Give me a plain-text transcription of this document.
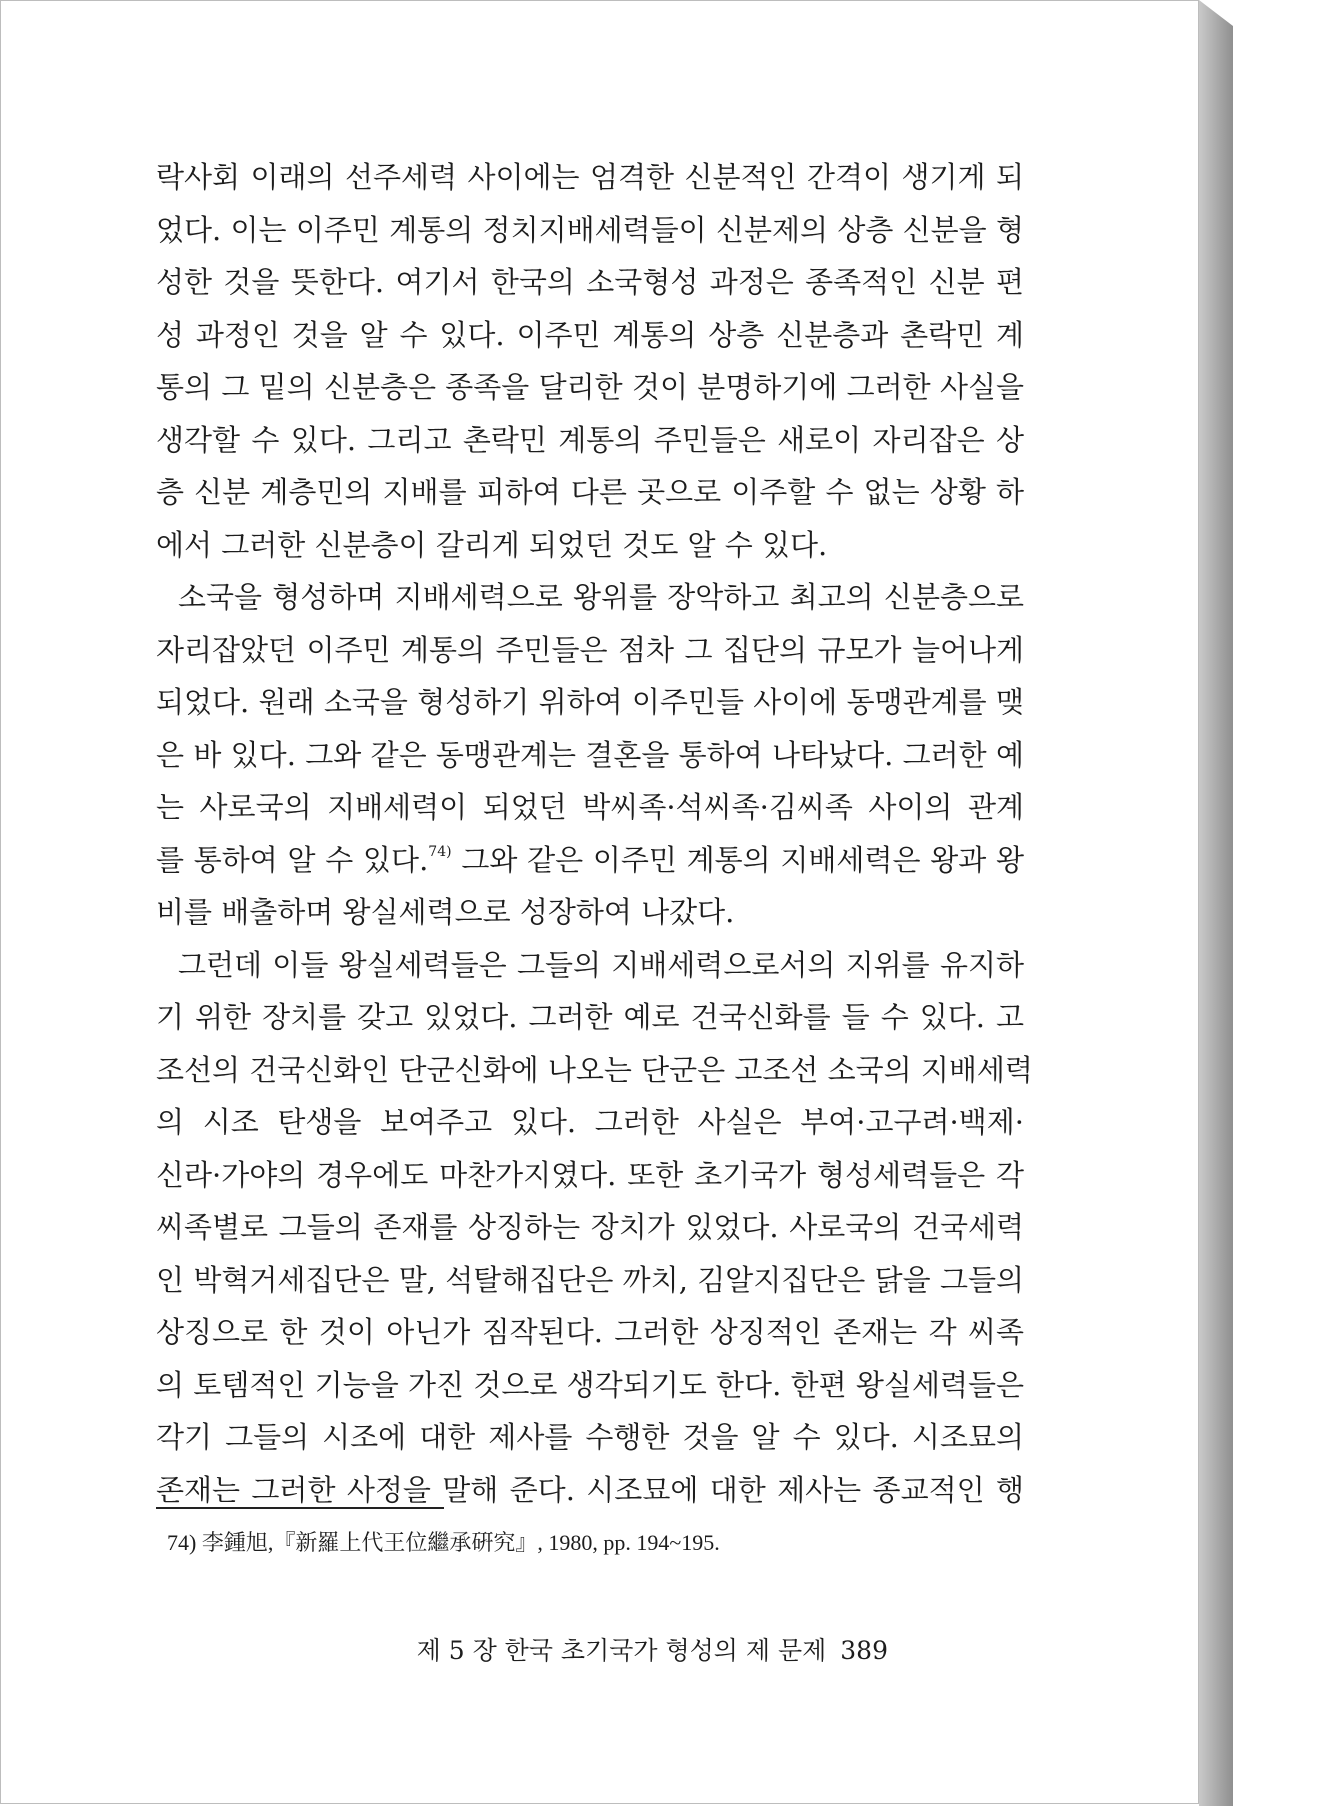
락사회 이래의 선주세력 사이에는 엄격한 신분적인 간격이 생기게 되
었다. 이는 이주민 계통의 정치지배세력들이 신분제의 상층 신분을 형
성한 것을 뜻한다. 여기서 한국의 소국형성 과정은 종족적인 신분 편
성 과정인 것을 알 수 있다. 이주민 계통의 상층 신분층과 촌락민 계
통의 그 밑의 신분층은 종족을 달리한 것이 분명하기에 그러한 사실을
생각할 수 있다. 그리고 촌락민 계통의 주민들은 새로이 자리잡은 상
층 신분 계층민의 지배를 피하여 다른 곳으로 이주할 수 없는 상황 하
에서 그러한 신분층이 갈리게 되었던 것도 알 수 있다.
소국을 형성하며 지배세력으로 왕위를 장악하고 최고의 신분층으로
자리잡았던 이주민 계통의 주민들은 점차 그 집단의 규모가 늘어나게
되었다. 원래 소국을 형성하기 위하여 이주민들 사이에 동맹관계를 맺
은 바 있다. 그와 같은 동맹관계는 결혼을 통하여 나타났다. 그러한 예
는 사로국의 지배세력이 되었던 박씨족·석씨족·김씨족 사이의 관계
를 통하여 알 수 있다.$^{74)}$ 그와 같은 이주민 계통의 지배세력은 왕과 왕
비를 배출하며 왕실세력으로 성장하여 나갔다.
그런데 이들 왕실세력들은 그들의 지배세력으로서의 지위를 유지하
기 위한 장치를 갖고 있었다. 그러한 예로 건국신화를 들 수 있다. 고
조선의 건국신화인 단군신화에 나오는 단군은 고조선 소국의 지배세력
의 시조 탄생을 보여주고 있다. 그러한 사실은 부여·고구려·백제·
신라·가야의 경우에도 마찬가지였다. 또한 초기국가 형성세력들은 각
씨족별로 그들의 존재를 상징하는 장치가 있었다. 사로국의 건국세력
인 박혁거세집단은 말, 석탈해집단은 까치, 김알지집단은 닭을 그들의
상징으로 한 것이 아닌가 짐작된다. 그러한 상징적인 존재는 각 씨족
의 토템적인 기능을 가진 것으로 생각되기도 한다. 한편 왕실세력들은
각기 그들의 시조에 대한 제사를 수행한 것을 알 수 있다. 시조묘의
존재는 그러한 사정을 말해 준다. 시조묘에 대한 제사는 종교적인 행
74) 李鍾旭,『新羅上代王位繼承硏究』, 1980, pp. 194~195.
제 5 장 한국 초기국가 형성의 제 문제 389
